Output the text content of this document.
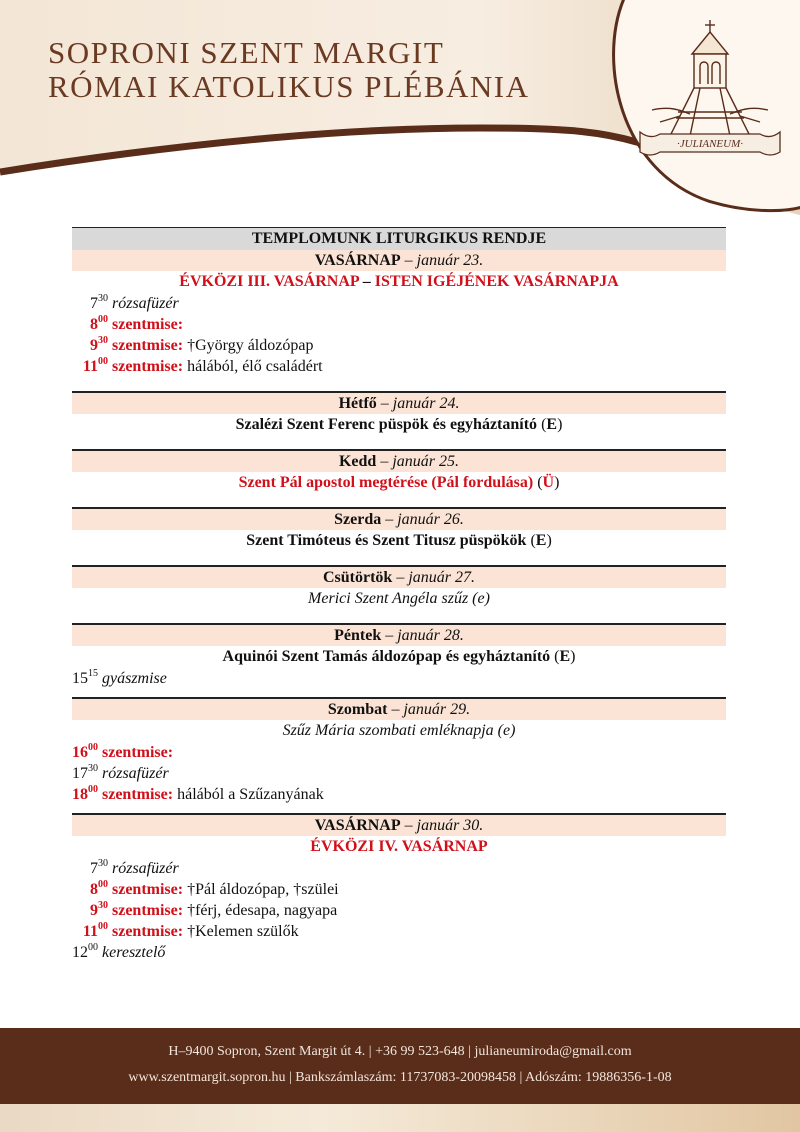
SOPRONI SZENT MARGIT
RÓMAI KATOLIKUS PLÉBÁNIA
·JULIANEUM·
TEMPLOMUNK LITURGIKUS RENDJE
VASÁRNAP – január 23.
ÉVKÖZI III. VASÁRNAP – ISTEN IGÉJÉNEK VASÁRNAPJA
$7^{30}$ rózsafüzér
$8^{00}$ szentmise:
$9^{30}$ szentmise: †György áldozópap
$11^{00}$ szentmise: hálából, élő családért
Hétfő – január 24.
Szalézi Szent Ferenc püspök és egyháztanító (E)
Kedd – január 25.
Szent Pál apostol megtérése (Pál fordulása) (Ü)
Szerda – január 26.
Szent Timóteus és Szent Titusz püspökök (E)
Csütörtök – január 27.
Merici Szent Angéla szűz (e)
Péntek – január 28.
Aquinói Szent Tamás áldozópap és egyháztanító (E)
$15^{15}$ gyászmise
Szombat – január 29.
Szűz Mária szombati emléknapja (e)
$16^{00}$ szentmise:
$17^{30}$ rózsafüzér
$18^{00}$ szentmise: hálából a Szűzanyának
VASÁRNAP – január 30.
ÉVKÖZI IV. VASÁRNAP
$7^{30}$ rózsafüzér
$8^{00}$ szentmise: †Pál áldozópap, †szülei
$9^{30}$ szentmise: †férj, édesapa, nagyapa
$11^{00}$ szentmise: †Kelemen szülők
$12^{00}$ keresztelő
H–9400 Sopron, Szent Margit út 4. | +36 99 523-648 | julianeumiroda@gmail.com
www.szentmargit.sopron.hu | Bankszámlaszám: 11737083-20098458 | Adószám: 19886356-1-08
